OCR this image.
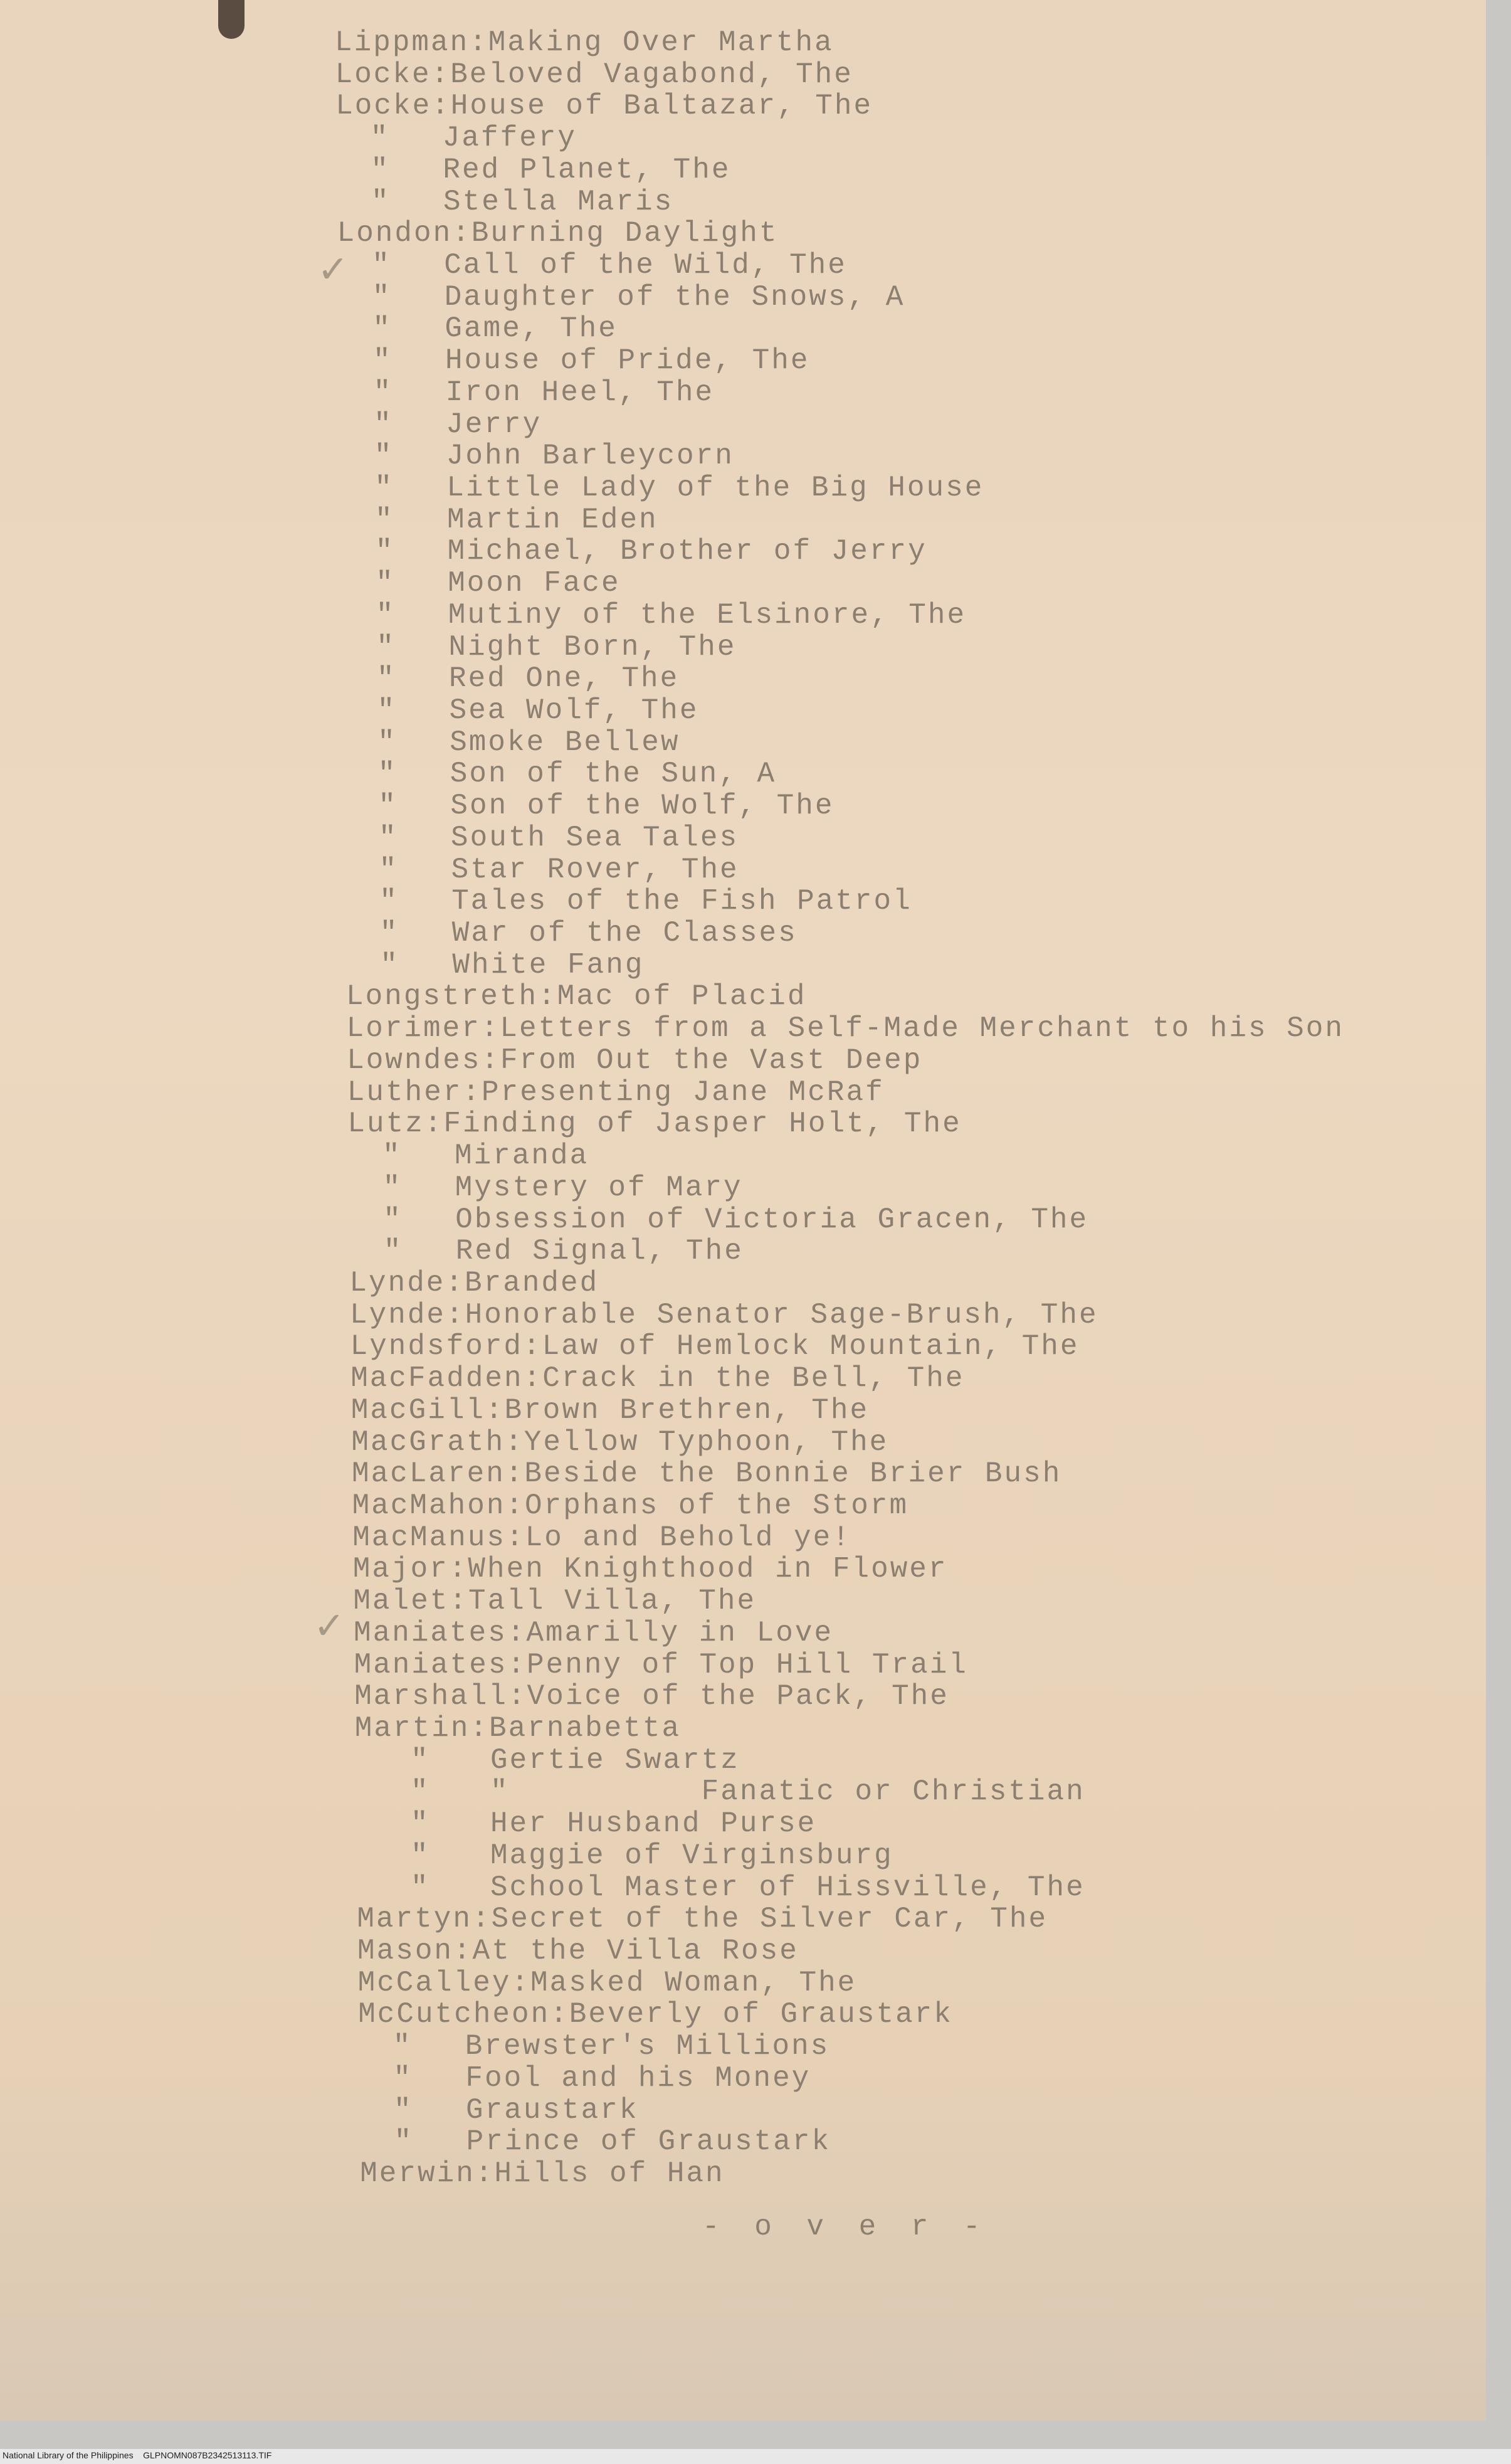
Lippman: Making Over Martha
Locke: Beloved Vagabond, The
Locke: House of Baltazar, The
" Jaffery
" Red Planet, The
" Stella Maris
London: Burning Daylight
" Call of the Wild, The
" Daughter of the Snows, A
" Game, The
" House of Pride, The
" Iron Heel, The
" Jerry
" John Barleycorn
" Little Lady of the Big House
" Martin Eden
" Michael, Brother of Jerry
" Moon Face
" Mutiny of the Elsinore, The
" Night Born, The
" Red One, The
" Sea Wolf, The
" Smoke Bellew
" Son of the Sun, A
" Son of the Wolf, The
" South Sea Tales
" Star Rover, The
" Tales of the Fish Patrol
" War of the Classes
" White Fang
Longstreth: Mac of Placid
Lorimer: Letters from a Self-Made Merchant to his Son
Lowndes: From Out the Vast Deep
Luther: Presenting Jane McRaf
Lutz: Finding of Jasper Holt, The
" Miranda
" Mystery of Mary
" Obsession of Victoria Gracen, The
" Red Signal, The
Lynde: Branded
Lynde: Honorable Senator Sage-Brush, The
Lyndsford: Law of Hemlock Mountain, The
MacFadden: Crack in the Bell, The
MacGill: Brown Brethren, The
MacGrath: Yellow Typhoon, The
MacLaren: Beside the Bonnie Brier Bush
MacMahon: Orphans of the Storm
MacManus: Lo and Behold ye!
Major: When Knighthood in Flower
Malet: Tall Villa, The
Maniates: Amarilly in Love
Maniates: Penny of Top Hill Trail
Marshall: Voice of the Pack, The
Martin: Barnabetta
" Gertie Swartz
" "          Fanatic or Christian
" Her Husband Purse
" Maggie of Virginsburg
" School Master of Hissville, The
Martyn: Secret of the Silver Car, The
Mason: At the Villa Rose
McCalley: Masked Woman, The
McCutcheon: Beverly of Graustark
" Brewster's Millions
" Fool and his Money
" Graustark
" Prince of Graustark
Merwin: Hills of Han
✓
✓
- o v e r -
National Library of the Philippines    GLPNOMN087B2342513113.TIF
